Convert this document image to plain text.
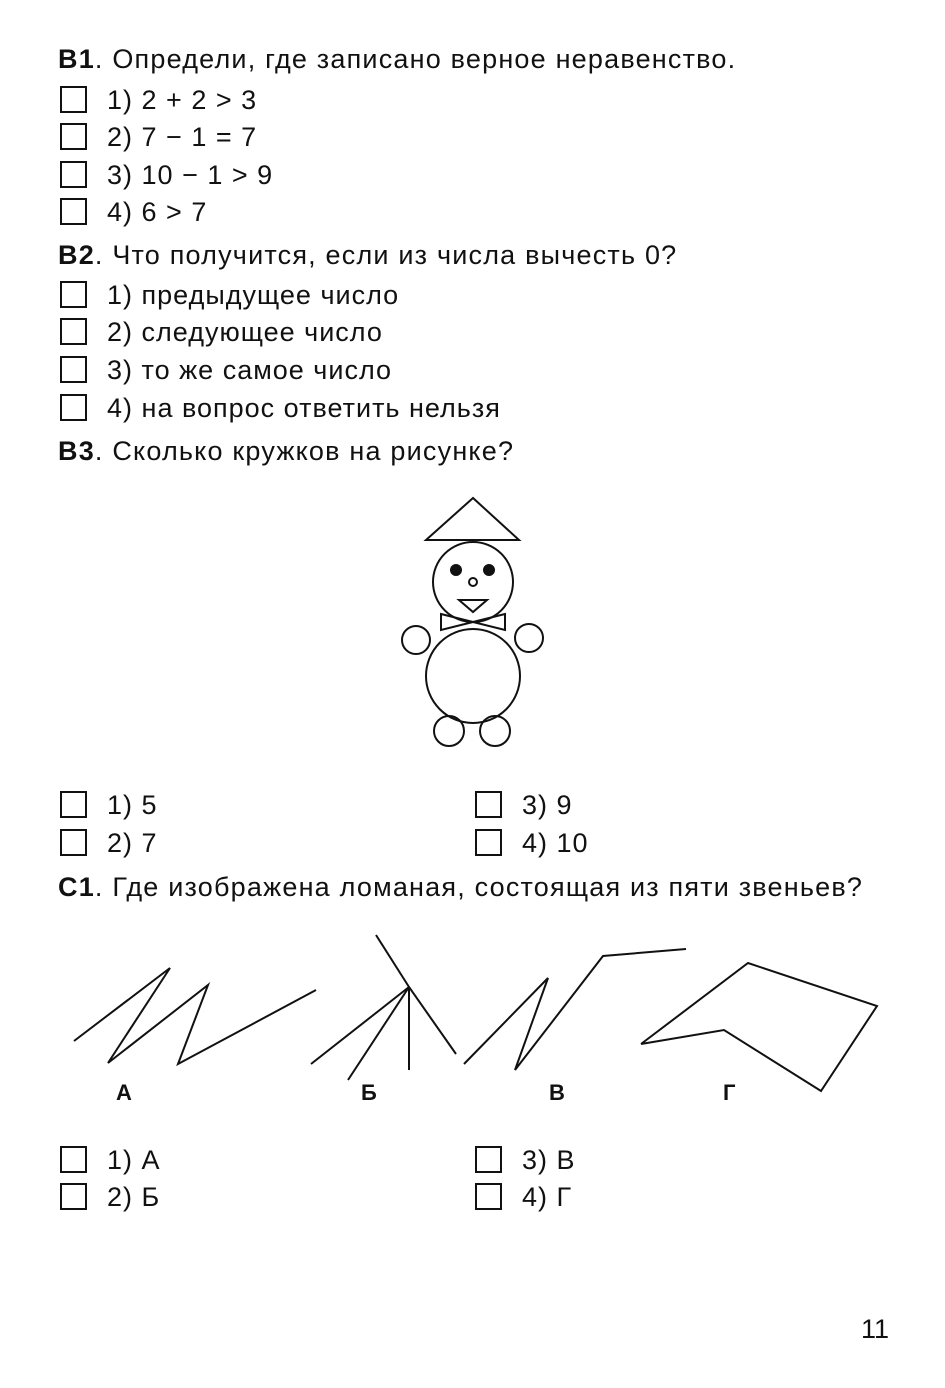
B1. Определи, где записано верное неравенство.
1) 2 + 2 > 3
2) 7 − 1 = 7
3) 10 − 1 > 9
4) 6 > 7
B2. Что получится, если из числа вычесть 0?
1) предыдущее число
2) следующее число
3) то же самое число
4) на вопрос ответить нельзя
B3. Сколько кружков на рисунке?
1) 5
2) 7
3) 9
4) 10
C1. Где изображена ломаная, состоящая из пяти звеньев?
А	Б	В	Г
1) А
2) Б
3) В
4) Г
11
